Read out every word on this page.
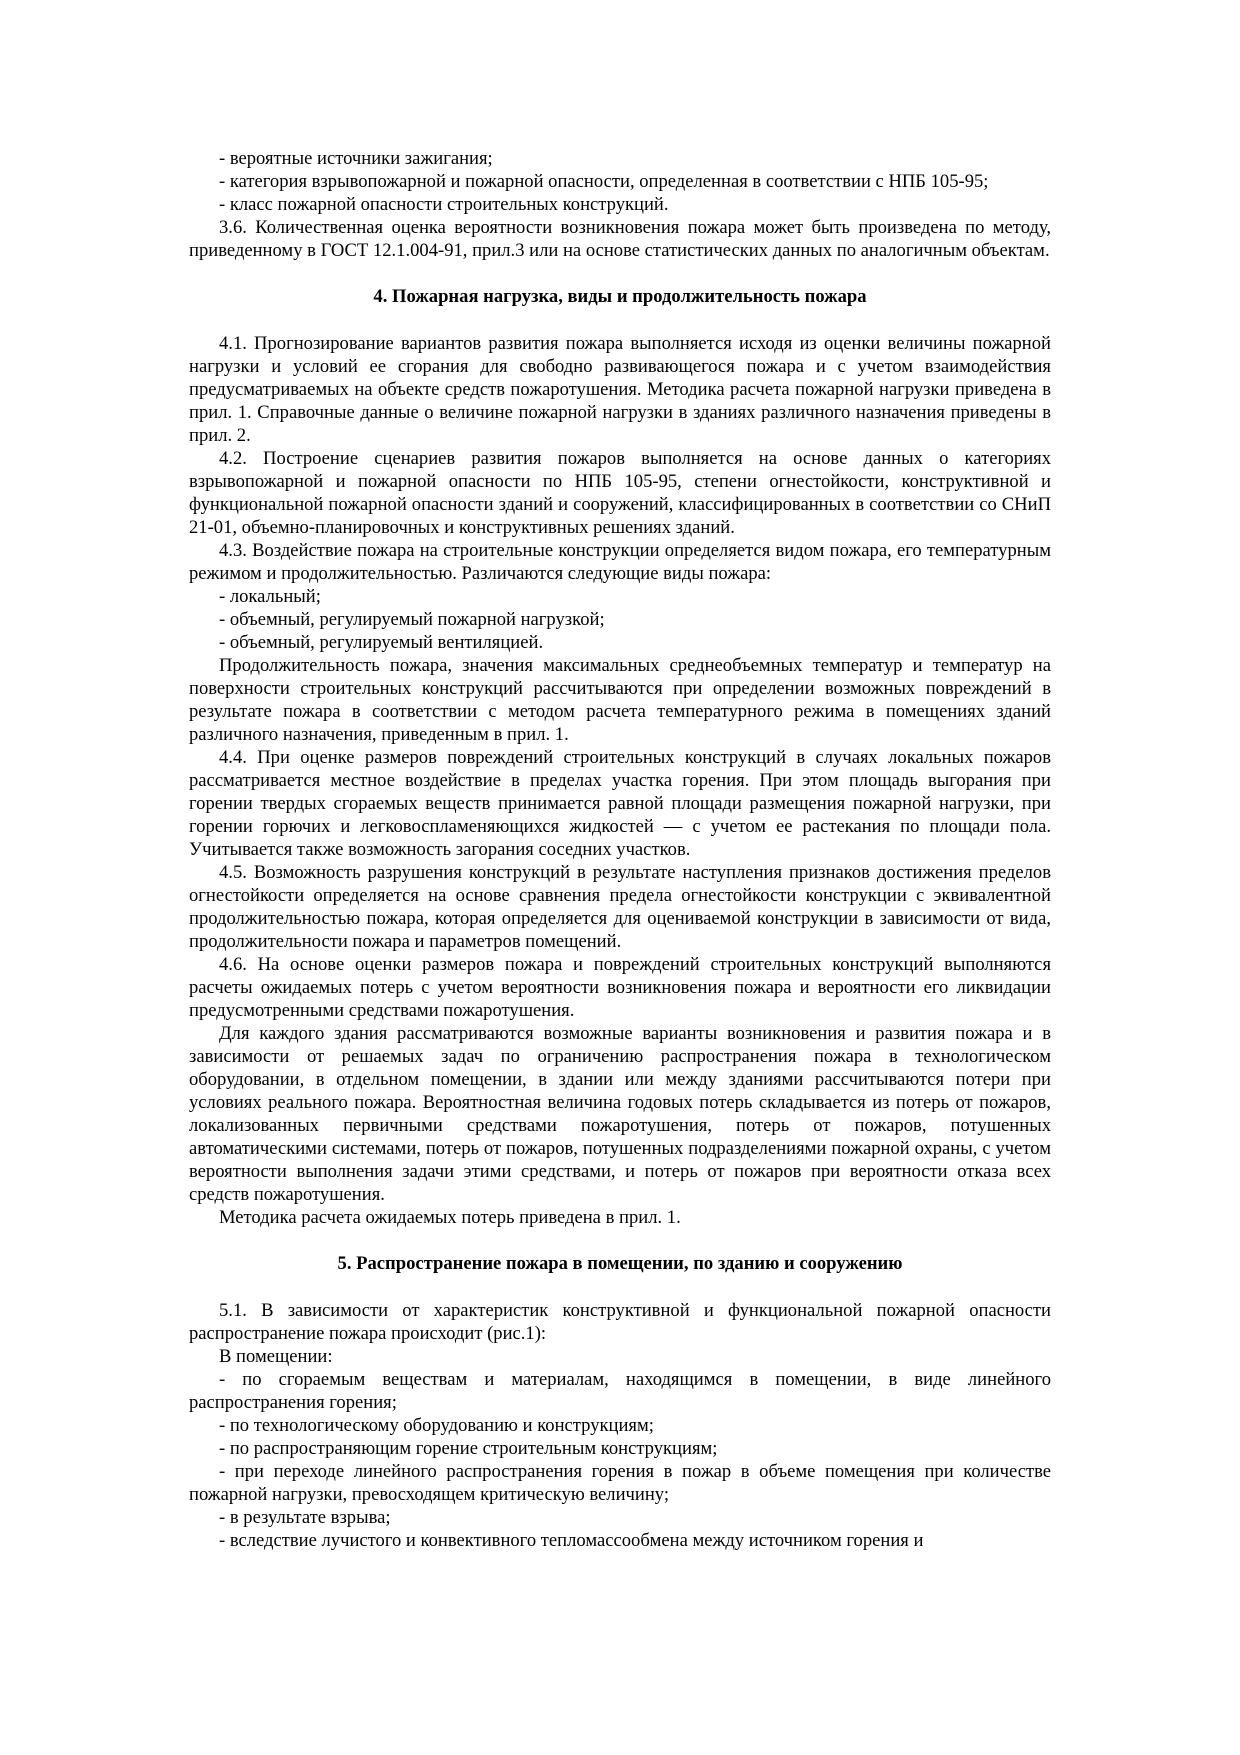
- вероятные источники зажигания;

- категория взрывопожарной и пожарной опасности, определенная в соответствии с НПБ 105-95;

- класс пожарной опасности строительных конструкций.

3.6. Количественная оценка вероятности возникновения пожара может быть произведена по методу, приведенному в ГОСТ 12.1.004-91, прил.3 или на основе статистических данных по аналогичным объектам.

4. Пожарная нагрузка, виды и продолжительность пожара

4.1. Прогнозирование вариантов развития пожара выполняется исходя из оценки величины пожарной нагрузки и условий ее сгорания для свободно развивающегося пожара и с учетом взаимодействия предусматриваемых на объекте средств пожаротушения. Методика расчета пожарной нагрузки приведена в прил. 1. Справочные данные о величине пожарной нагрузки в зданиях различного назначения приведены в прил. 2.

4.2. Построение сценариев развития пожаров выполняется на основе данных о категориях взрывопожарной и пожарной опасности по НПБ 105-95, степени огнестойкости, конструктивной и функциональной пожарной опасности зданий и сооружений, классифицированных в соответствии со СНиП 21-01, объемно-планировочных и конструктивных решениях зданий.

4.3. Воздействие пожара на строительные конструкции определяется видом пожара, его температурным режимом и продолжительностью. Различаются следующие виды пожара:

- локальный;

- объемный, регулируемый пожарной нагрузкой;

- объемный, регулируемый вентиляцией.

Продолжительность пожара, значения максимальных среднеобъемных температур и температур на поверхности строительных конструкций рассчитываются при определении возможных повреждений в результате пожара в соответствии с методом расчета температурного режима в помещениях зданий различного назначения, приведенным в прил. 1.

4.4. При оценке размеров повреждений строительных конструкций в случаях локальных пожаров рассматривается местное воздействие в пределах участка горения. При этом площадь выгорания при горении твердых сгораемых веществ принимается равной площади размещения пожарной нагрузки, при горении горючих и легковоспламеняющихся жидкостей — с учетом ее растекания по площади пола. Учитывается также возможность загорания соседних участков.

4.5. Возможность разрушения конструкций в результате наступления признаков достижения пределов огнестойкости определяется на основе сравнения предела огнестойкости конструкции с эквивалентной продолжительностью пожара, которая определяется для оцениваемой конструкции в зависимости от вида, продолжительности пожара и параметров помещений.

4.6. На основе оценки размеров пожара и повреждений строительных конструкций выполняются расчеты ожидаемых потерь с учетом вероятности возникновения пожара и вероятности его ликвидации предусмотренными средствами пожаротушения.

Для каждого здания рассматриваются возможные варианты возникновения и развития пожара и в зависимости от решаемых задач по ограничению распространения пожара в технологическом оборудовании, в отдельном помещении, в здании или между зданиями рассчитываются потери при условиях реального пожара. Вероятностная величина годовых потерь складывается из потерь от пожаров, локализованных первичными средствами пожаротушения, потерь от пожаров, потушенных автоматическими системами, потерь от пожаров, потушенных подразделениями пожарной охраны, с учетом вероятности выполнения задачи этими средствами, и потерь от пожаров при вероятности отказа всех средств пожаротушения.

Методика расчета ожидаемых потерь приведена в прил. 1.

5. Распространение пожара в помещении, по зданию и сооружению

5.1. В зависимости от характеристик конструктивной и функциональной пожарной опасности распространение пожара происходит (рис.1):

В помещении:

- по сгораемым веществам и материалам, находящимся в помещении, в виде линейного распространения горения;

- по технологическому оборудованию и конструкциям;

- по распространяющим горение строительным конструкциям;

- при переходе линейного распространения горения в пожар в объеме помещения при количестве пожарной нагрузки, превосходящем критическую величину;

- в результате взрыва;

- вследствие лучистого и конвективного тепломассообмена между источником горения и
